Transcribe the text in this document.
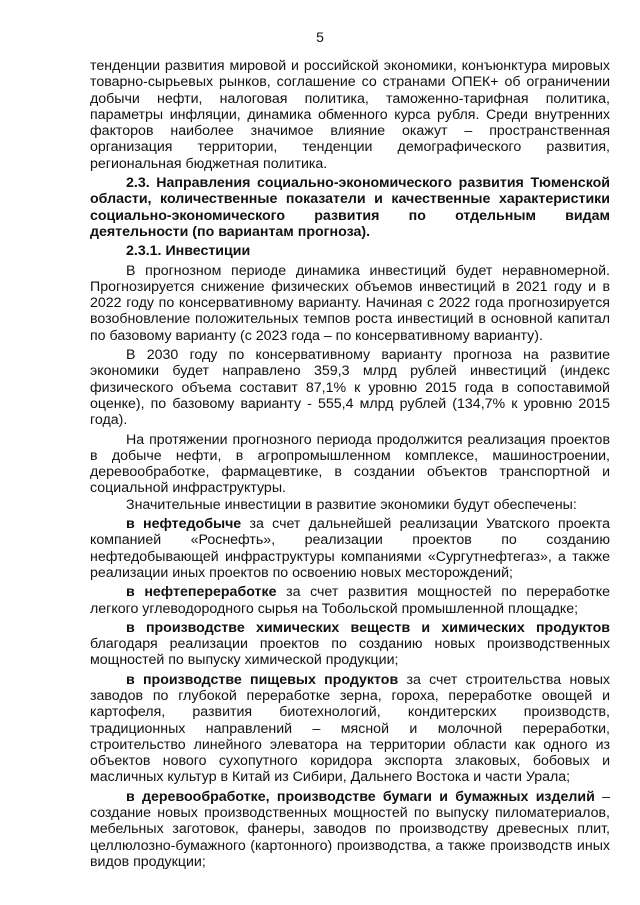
5

тенденции развития мировой и российской экономики, конъюнктура мировых товарно-сырьевых рынков, соглашение со странами ОПЕК+ об ограничении добычи нефти, налоговая политика, таможенно-тарифная политика, параметры инфляции, динамика обменного курса рубля. Среди внутренних факторов наиболее значимое влияние окажут – пространственная организация территории, тенденции демографического развития, региональная бюджетная политика.

2.3. Направления социально-экономического развития Тюменской области, количественные показатели и качественные характеристики социально-экономического развития по отдельным видам деятельности (по вариантам прогноза).

2.3.1. Инвестиции

В прогнозном периоде динамика инвестиций будет неравномерной. Прогнозируется снижение физических объемов инвестиций в 2021 году и в 2022 году по консервативному варианту. Начиная с 2022 года прогнозируется возобновление положительных темпов роста инвестиций в основной капитал по базовому варианту (с 2023 года – по консервативному варианту).

В 2030 году по консервативному варианту прогноза на развитие экономики будет направлено 359,3 млрд рублей инвестиций (индекс физического объема составит 87,1% к уровню 2015 года в сопоставимой оценке), по базовому варианту - 555,4 млрд рублей (134,7% к уровню 2015 года).

На протяжении прогнозного периода продолжится реализация проектов в добыче нефти, в агропромышленном комплексе, машиностроении, деревообработке, фармацевтике, в создании объектов транспортной и социальной инфраструктуры.

Значительные инвестиции в развитие экономики будут обеспечены:

в нефтедобыче за счет дальнейшей реализации Уватского проекта компанией «Роснефть», реализации проектов по созданию нефтедобывающей инфраструктуры компаниями «Сургутнефтегаз», а также реализации иных проектов по освоению новых месторождений;

в нефтепереработке за счет развития мощностей по переработке легкого углеводородного сырья на Тобольской промышленной площадке;

в производстве химических веществ и химических продуктов благодаря реализации проектов по созданию новых производственных мощностей по выпуску химической продукции;

в производстве пищевых продуктов за счет строительства новых заводов по глубокой переработке зерна, гороха, переработке овощей и картофеля, развития биотехнологий, кондитерских производств, традиционных направлений – мясной и молочной переработки, строительство линейного элеватора на территории области как одного из объектов нового сухопутного коридора экспорта злаковых, бобовых и масличных культур в Китай из Сибири, Дальнего Востока и части Урала;

в деревообработке, производстве бумаги и бумажных изделий – создание новых производственных мощностей по выпуску пиломатериалов, мебельных заготовок, фанеры, заводов по производству древесных плит, целлюлозно-бумажного (картонного) производства, а также производств иных видов продукции;
